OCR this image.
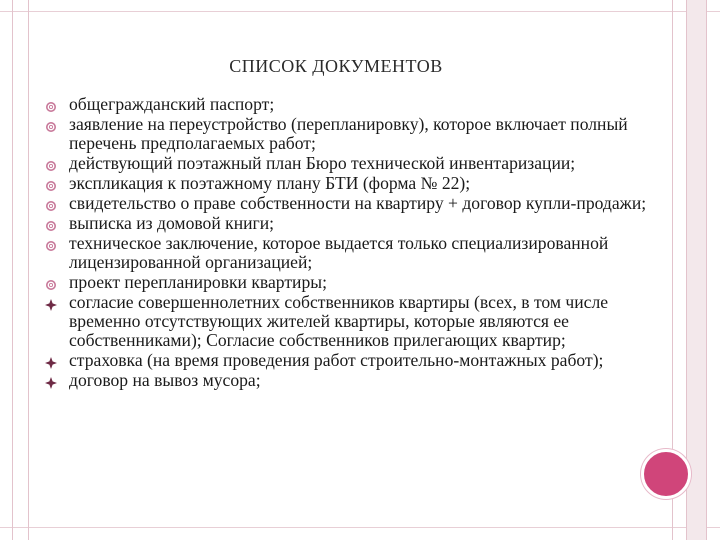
СПИСОК ДОКУМЕНТОВ
общегражданский паспорт;
заявление на переустройство (перепланировку), которое включает полный перечень предполагаемых работ;
действующий поэтажный план Бюро технической инвентаризации;
экспликация к поэтажному плану БТИ (форма № 22);
свидетельство о праве собственности на квартиру + договор купли-продажи;
выписка из домовой книги;
техническое заключение, которое выдается только специализированной лицензированной организацией;
проект перепланировки квартиры;
согласие совершеннолетних собственников квартиры (всех, в том числе временно отсутствующих жителей квартиры, которые являются ее собственниками); Согласие собственников прилегающих квартир;
страховка (на время проведения работ строительно-монтажных работ);
договор на вывоз мусора;
